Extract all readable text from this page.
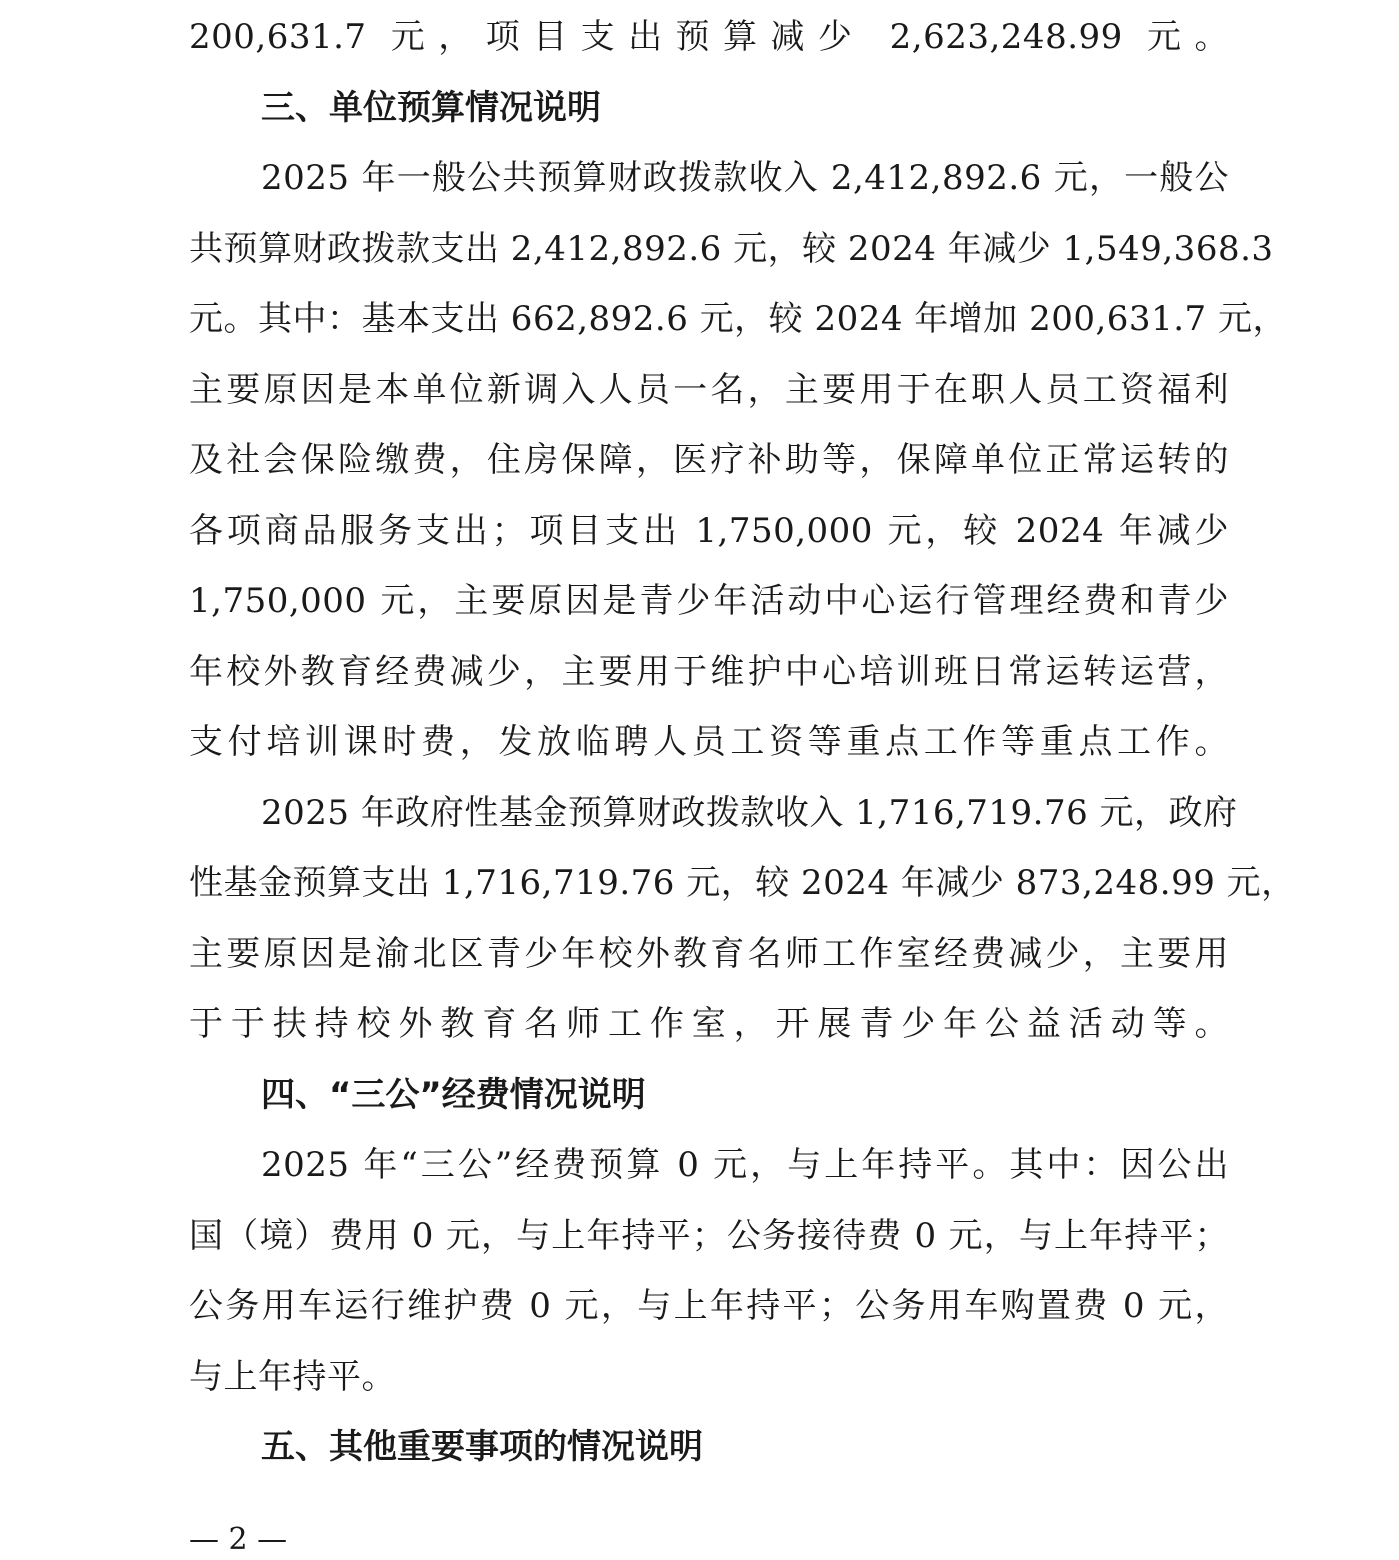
200,631.7 元，项目支出预算减少 2,623,248.99 元。
三、单位预算情况说明
2025 年一般公共预算财政拨款收入 2,412,892.6 元，一般公
共预算财政拨款支出 2,412,892.6 元，较 2024 年减少 1,549,368.3
元。其中：基本支出 662,892.6 元，较 2024 年增加 200,631.7 元，
主要原因是本单位新调入人员一名，主要用于在职人员工资福利
及社会保险缴费，住房保障，医疗补助等，保障单位正常运转的
各项商品服务支出；项目支出 1,750,000 元，较 2024 年减少
1,750,000 元，主要原因是青少年活动中心运行管理经费和青少
年校外教育经费减少，主要用于维护中心培训班日常运转运营，
支付培训课时费，发放临聘人员工资等重点工作等重点工作。
2025 年政府性基金预算财政拨款收入 1,716,719.76 元，政府
性基金预算支出 1,716,719.76 元，较 2024 年减少 873,248.99 元，
主要原因是渝北区青少年校外教育名师工作室经费减少，主要用
于于扶持校外教育名师工作室，开展青少年公益活动等。
四、“三公”经费情况说明
2025 年“三公”经费预算 0 元，与上年持平。其中：因公出
国（境）费用 0 元，与上年持平；公务接待费 0 元，与上年持平；
公务用车运行维护费 0 元，与上年持平；公务用车购置费 0 元，
与上年持平。
五、其他重要事项的情况说明
— 2 —
